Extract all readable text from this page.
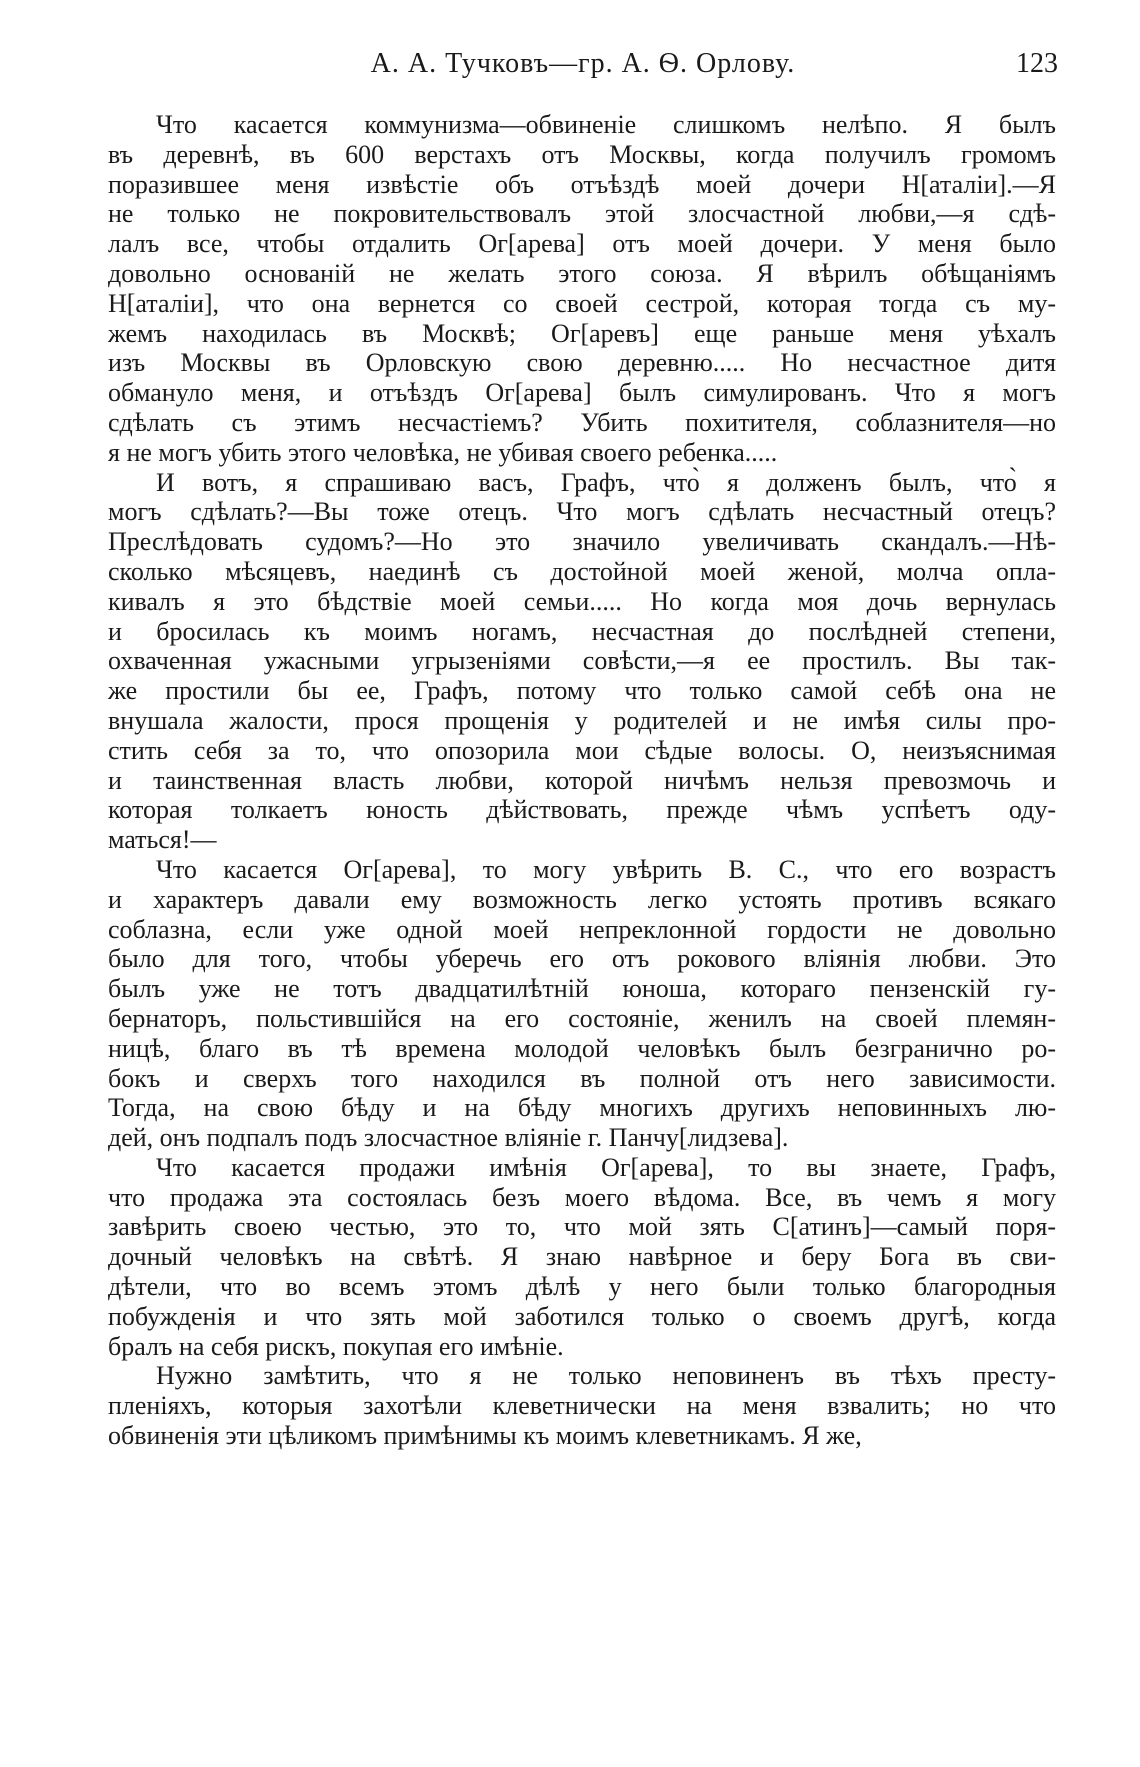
А. А. Тучковъ—гр. А. Ѳ. Орлову.	123
Что касается коммунизма—обвиненіе слишкомъ нелѣпо. Я былъ
въ деревнѣ, въ 600 верстахъ отъ Москвы, когда получилъ громомъ
поразившее меня извѣстіе объ отъѣздѣ моей дочери Н[аталіи].—Я
не только не покровительствовалъ этой злосчастной любви,—я сдѣ-
лалъ все, чтобы отдалить Ог[арева] отъ моей дочери. У меня было
довольно основаній не желать этого союза. Я вѣрилъ обѣщаніямъ
Н[аталіи], что она вернется со своей сестрой, которая тогда съ му-
жемъ находилась въ Москвѣ; Ог[аревъ] еще раньше меня уѣхалъ
изъ Москвы въ Орловскую свою деревню..... Но несчастное дитя
обмануло меня, и отъѣздъ Ог[арева] былъ симулированъ. Что я могъ
сдѣлать съ этимъ несчастіемъ? Убить похитителя, соблазнителя—но
я не могъ убить этого человѣка, не убивая своего ребенка.....
И вотъ, я спрашиваю васъ, Графъ, что̀ я долженъ былъ, что̀ я
могъ сдѣлать?—Вы тоже отецъ. Что могъ сдѣлать несчастный отецъ?
Преслѣдовать судомъ?—Но это значило увеличивать скандалъ.—Нѣ-
сколько мѣсяцевъ, наединѣ съ достойной моей женой, молча опла-
кивалъ я это бѣдствіе моей семьи..... Но когда моя дочь вернулась
и бросилась къ моимъ ногамъ, несчастная до послѣдней степени,
охваченная ужасными угрызеніями совѣсти,—я ее простилъ. Вы так-
же простили бы ее, Графъ, потому что только самой себѣ она не
внушала жалости, прося прощенія у родителей и не имѣя силы про-
стить себя за то, что опозорила мои сѣдые волосы. О, неизъяснимая
и таинственная власть любви, которой ничѣмъ нельзя превозмочь и
которая толкаетъ юность дѣйствовать, прежде чѣмъ успѣетъ оду-
маться!—
Что касается Ог[арева], то могу увѣрить В. С., что его возрастъ
и характеръ давали ему возможность легко устоять противъ всякаго
соблазна, если уже одной моей непреклонной гордости не довольно
было для того, чтобы уберечь его отъ рокового вліянія любви. Это
былъ уже не тотъ двадцатилѣтній юноша, котораго пензенскій гу-
бернаторъ, польстившійся на его состояніе, женилъ на своей племян-
ницѣ, благо въ тѣ времена молодой человѣкъ былъ безгранично ро-
бокъ и сверхъ того находился въ полной отъ него зависимости.
Тогда, на свою бѣду и на бѣду многихъ другихъ неповинныхъ лю-
дей, онъ подпалъ подъ злосчастное вліяніе г. Панчу[лидзева].
Что касается продажи имѣнія Ог[арева], то вы знаете, Графъ,
что продажа эта состоялась безъ моего вѣдома. Все, въ чемъ я могу
завѣрить своею честью, это то, что мой зять С[атинъ]—самый поря-
дочный человѣкъ на свѣтѣ. Я знаю навѣрное и беру Бога въ сви-
дѣтели, что во всемъ этомъ дѣлѣ у него были только благородныя
побужденія и что зять мой заботился только о своемъ другѣ, когда
бралъ на себя рискъ, покупая его имѣніе.
Нужно замѣтить, что я не только неповиненъ въ тѣхъ престу-
пленіяхъ, которыя захотѣли клеветнически на меня взвалить; но что
обвиненія эти цѣликомъ примѣнимы къ моимъ клеветникамъ. Я же,
